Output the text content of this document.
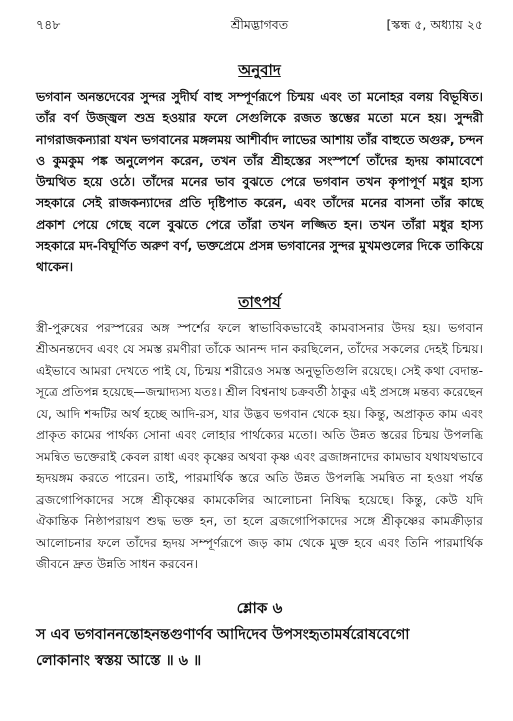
৭৪৮	শ্রীমদ্ভাগবত	[স্কন্ধ ৫, অধ্যায় ২৫
অনুবাদ

ভগবান অনন্তদেবের সুন্দর সুদীর্ঘ বাহু সম্পূর্ণরূপে চিন্ময় এবং তা মনোহর বলয় বিভূষিত। তাঁর বর্ণ উজ্জ্বল শুভ্র হওয়ার ফলে সেগুলিকে রজত স্তম্ভের মতো মনে হয়। সুন্দরী নাগরাজকন্যারা যখন ভগবানের মঙ্গলময় আশীর্বাদ লাভের আশায় তাঁর বাহুতে অগুরু, চন্দন ও কুমকুম পঙ্ক অনুলেপন করেন, তখন তাঁর শ্রীহস্তের সংস্পর্শে তাঁদের হৃদয় কামাবেশে উন্মথিত হয়ে ওঠে। তাঁদের মনের ভাব বুঝতে পেরে ভগবান তখন কৃপাপূর্ণ মধুর হাস্য সহকারে সেই রাজকন্যাদের প্রতি দৃষ্টিপাত করেন, এবং তাঁদের মনের বাসনা তাঁর কাছে প্রকাশ পেয়ে গেছে বলে বুঝতে পেরে তাঁরা তখন লজ্জিত হন। তখন তাঁরা মধুর হাস্য সহকারে মদ-বিঘূর্ণিত অরুণ বর্ণ, ভক্তপ্রেমে প্রসন্ন ভগবানের সুন্দর মুখমণ্ডলের দিকে তাকিয়ে থাকেন।

তাৎপর্য

স্ত্রী-পুরুষের পরস্পরের অঙ্গ স্পর্শের ফলে স্বাভাবিকভাবেই কামবাসনার উদয় হয়। ভগবান শ্রীঅনন্তদেব এবং যে সমস্ত রমণীরা তাঁকে আনন্দ দান করছিলেন, তাঁদের সকলের দেহই চিন্ময়। এইভাবে আমরা দেখতে পাই যে, চিন্ময় শরীরেও সমস্ত অনুভূতিগুলি রয়েছে। সেই কথা বেদান্ত-সূত্রে প্রতিপন্ন হয়েছে—জন্মাদ্যস্য যতঃ। শ্রীল বিশ্বনাথ চক্রবর্তী ঠাকুর এই প্রসঙ্গে মন্তব্য করেছেন যে, আদি শব্দটির অর্থ হচ্ছে আদি-রস, যার উদ্ভব ভগবান থেকে হয়। কিন্তু, অপ্রাকৃত কাম এবং প্রাকৃত কামের পার্থক্য সোনা এবং লোহার পার্থক্যের মতো। অতি উন্নত স্তরের চিন্ময় উপলব্ধি সমন্বিত ভক্তেরাই কেবল রাধা এবং কৃষ্ণের অথবা কৃষ্ণ এবং ব্রজাঙ্গনাদের কামভাব যথাযথভাবে হৃদয়ঙ্গম করতে পারেন। তাই, পারমার্থিক স্তরে অতি উন্নত উপলব্ধি সমন্বিত না হওয়া পর্যন্ত ব্রজগোপিকাদের সঙ্গে শ্রীকৃষ্ণের কামকেলির আলোচনা নিষিদ্ধ হয়েছে। কিন্তু, কেউ যদি ঐকান্তিক নিষ্ঠাপরায়ণ শুদ্ধ ভক্ত হন, তা হলে ব্রজগোপিকাদের সঙ্গে শ্রীকৃষ্ণের কামক্রীড়ার আলোচনার ফলে তাঁদের হৃদয় সম্পূর্ণরূপে জড় কাম থেকে মুক্ত হবে এবং তিনি পারমার্থিক জীবনে দ্রুত উন্নতি সাধন করবেন।

শ্লোক ৬

স এব ভগবাননন্তোহনন্তগুণার্ণব আদিদেব উপসংহৃতামর্ষরোষবেগো

লোকানাং স্বস্তয় আস্তে ॥ ৬ ॥
